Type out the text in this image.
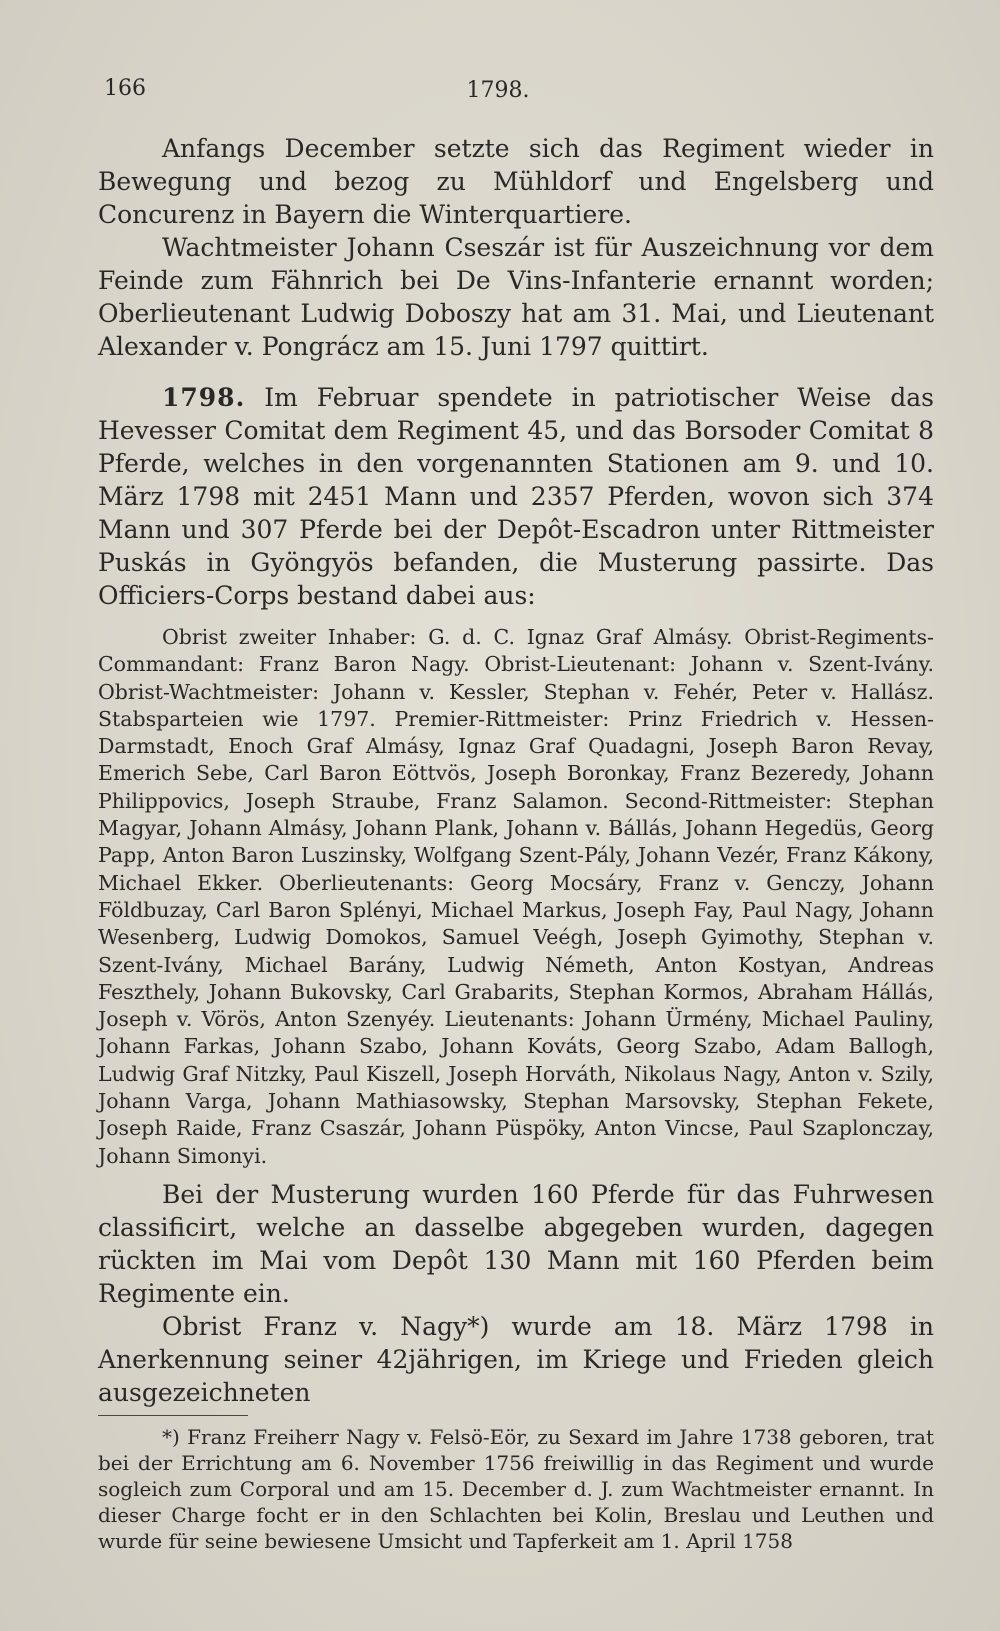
166	1798.

Anfangs December setzte sich das Regiment wieder in Bewegung und bezog zu Mühldorf und Engelsberg und Concurenz in Bayern die Winterquartiere.

Wachtmeister Johann Cseszár ist für Auszeichnung vor dem Feinde zum Fähnrich bei De Vins-Infanterie ernannt worden; Oberlieutenant Ludwig Doboszy hat am 31. Mai, und Lieutenant Alexander v. Pongrácz am 15. Juni 1797 quittirt.

1798. Im Februar spendete in patriotischer Weise das Hevesser Comitat dem Regiment 45, und das Borsoder Comitat 8 Pferde, welches in den vorgenannten Stationen am 9. und 10. März 1798 mit 2451 Mann und 2357 Pferden, wovon sich 374 Mann und 307 Pferde bei der Depôt-Escadron unter Rittmeister Puskás in Gyöngyös befanden, die Musterung passirte. Das Officiers-Corps bestand dabei aus:

Obrist zweiter Inhaber: G. d. C. Ignaz Graf Almásy. Obrist-Regiments-Commandant: Franz Baron Nagy. Obrist-Lieutenant: Johann v. Szent-Ivány. Obrist-Wachtmeister: Johann v. Kessler, Stephan v. Fehér, Peter v. Hallász. Stabsparteien wie 1797. Premier-Rittmeister: Prinz Friedrich v. Hessen-Darmstadt, Enoch Graf Almásy, Ignaz Graf Quadagni, Joseph Baron Revay, Emerich Sebe, Carl Baron Eöttvös, Joseph Boronkay, Franz Bezeredy, Johann Philippovics, Joseph Straube, Franz Salamon. Second-Rittmeister: Stephan Magyar, Johann Almásy, Johann Plank, Johann v. Bállás, Johann Hegedüs, Georg Papp, Anton Baron Luszinsky, Wolfgang Szent-Pály, Johann Vezér, Franz Kákony, Michael Ekker. Oberlieutenants: Georg Mocsáry, Franz v. Genczy, Johann Földbuzay, Carl Baron Splényi, Michael Markus, Joseph Fay, Paul Nagy, Johann Wesenberg, Ludwig Domokos, Samuel Veégh, Joseph Gyimothy, Stephan v. Szent-Ivány, Michael Barány, Ludwig Németh, Anton Kostyan, Andreas Feszthely, Johann Bukovsky, Carl Grabarits, Stephan Kormos, Abraham Hállás, Joseph v. Vörös, Anton Szenyéy. Lieutenants: Johann Ürmény, Michael Pauliny, Johann Farkas, Johann Szabo, Johann Kováts, Georg Szabo, Adam Ballogh, Ludwig Graf Nitzky, Paul Kiszell, Joseph Horváth, Nikolaus Nagy, Anton v. Szily, Johann Varga, Johann Mathiasowsky, Stephan Marsovsky, Stephan Fekete, Joseph Raide, Franz Csaszár, Johann Püspöky, Anton Vincse, Paul Szaplonczay, Johann Simonyi.

Bei der Musterung wurden 160 Pferde für das Fuhrwesen classificirt, welche an dasselbe abgegeben wurden, dagegen rückten im Mai vom Depôt 130 Mann mit 160 Pferden beim Regimente ein.

Obrist Franz v. Nagy*) wurde am 18. März 1798 in Anerkennung seiner 42jährigen, im Kriege und Frieden gleich ausgezeichneten

*) Franz Freiherr Nagy v. Felsö-Eör, zu Sexard im Jahre 1738 geboren, trat bei der Errichtung am 6. November 1756 freiwillig in das Regiment und wurde sogleich zum Corporal und am 15. December d. J. zum Wachtmeister ernannt. In dieser Charge focht er in den Schlachten bei Kolin, Breslau und Leuthen und wurde für seine bewiesene Umsicht und Tapferkeit am 1. April 1758
